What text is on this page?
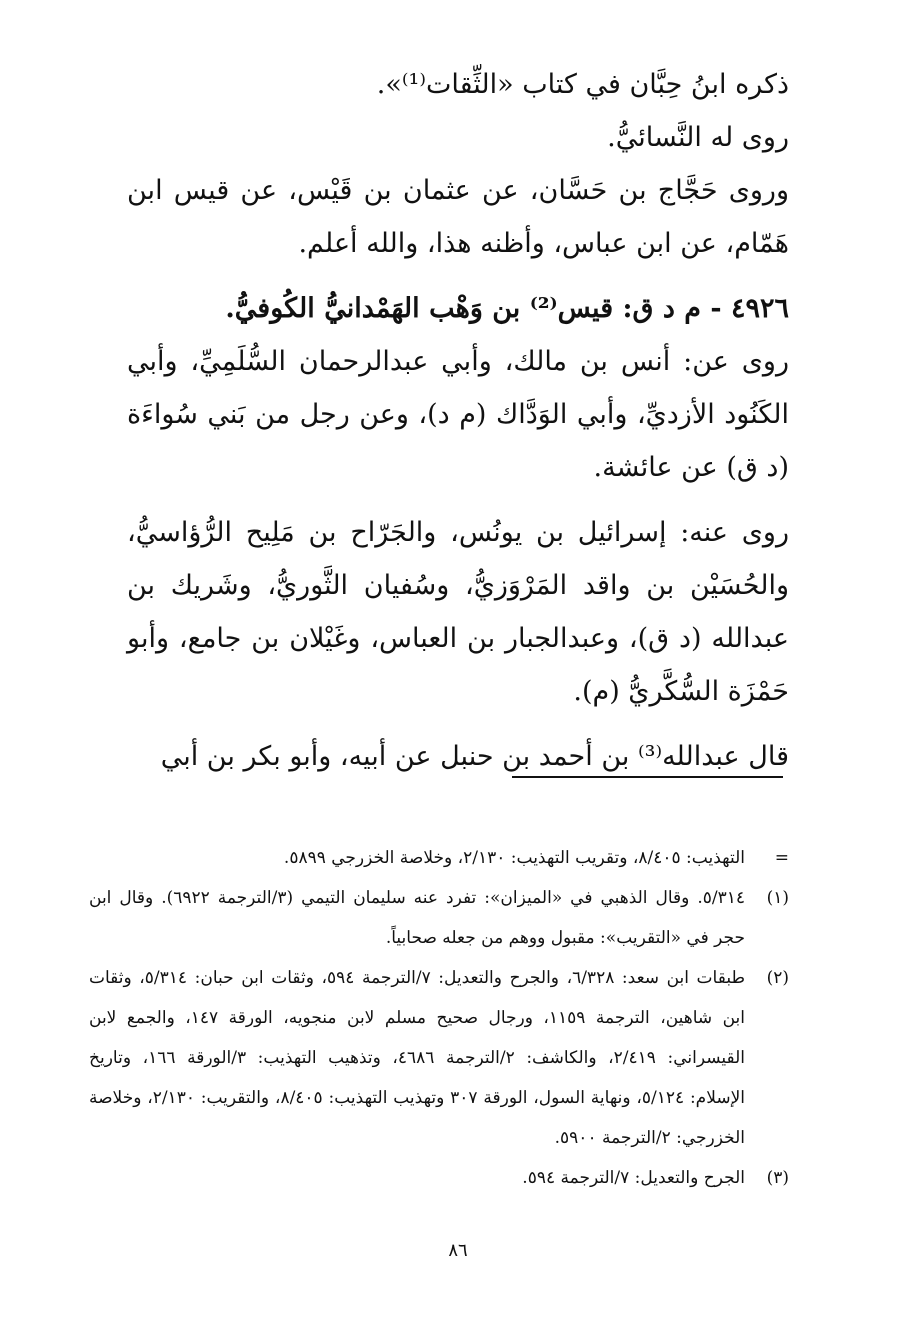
ذكره ابنُ حِبَّان في كتاب «الثِّقات⁽¹⁾».

روى له النَّسائيُّ.

وروى حَجَّاج بن حَسَّان، عن عثمان بن قَيْس، عن قيس ابن هَمّام، عن ابن عباس، وأظنه هذا، والله أعلم.

٤٩٢٦ - م د ق: قيس⁽²⁾ بن وَهْب الهَمْدانيُّ الكُوفيُّ.

روى عن: أنس بن مالك، وأبي عبدالرحمان السُّلَمِيِّ، وأبي الكَنُود الأزديِّ، وأبي الوَدَّاك (م د)، وعن رجل من بَني سُواءَة (د ق) عن عائشة.

روى عنه: إسرائيل بن يونُس، والجَرّاح بن مَلِيح الرُّؤاسيُّ، والحُسَيْن بن واقد المَرْوَزيُّ، وسُفيان الثَّوريُّ، وشَريك بن عبدالله (د ق)، وعبدالجبار بن العباس، وغَيْلان بن جامع، وأبو حَمْزَة السُّكَّريُّ (م).

قال عبدالله⁽³⁾ بن أحمد بن حنبل عن أبيه، وأبو بكر بن أبي

=
التهذيب: ٨/٤٠٥، وتقريب التهذيب: ٢/١٣٠، وخلاصة الخزرجي ٥٨٩٩.
(١)
٥/٣١٤. وقال الذهبي في «الميزان»: تفرد عنه سليمان التيمي (٣/الترجمة ٦٩٢٢). وقال ابن حجر في «التقريب»: مقبول ووهم من جعله صحابياً.
(٢)
طبقات ابن سعد: ٦/٣٢٨، والجرح والتعديل: ٧/الترجمة ٥٩٤، وثقات ابن حبان: ٥/٣١٤، وثقات ابن شاهين، الترجمة ١١٥٩، ورجال صحيح مسلم لابن منجويه، الورقة ١٤٧، والجمع لابن القيسراني: ٢/٤١٩، والكاشف: ٢/الترجمة ٤٦٨٦، وتذهيب التهذيب: ٣/الورقة ١٦٦، وتاريخ الإسلام: ٥/١٢٤، ونهاية السول، الورقة ٣٠٧ وتهذيب التهذيب: ٨/٤٠٥، والتقريب: ٢/١٣٠، وخلاصة الخزرجي: ٢/الترجمة ٥٩٠٠.
(٣)
الجرح والتعديل: ٧/الترجمة ٥٩٤.
٨٦
